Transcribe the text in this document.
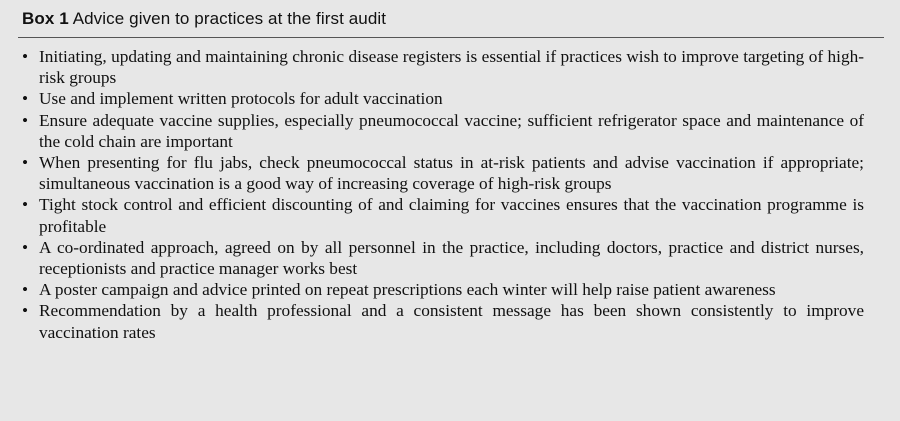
Box 1 Advice given to practices at the first audit
• Initiating, updating and maintaining chronic disease registers is essential if practices wish to improve targeting of high-risk groups
• Use and implement written protocols for adult vaccination
• Ensure adequate vaccine supplies, especially pneumococcal vaccine; sufficient refrigerator space and maintenance of the cold chain are important
• When presenting for flu jabs, check pneumococcal status in at-risk patients and advise vaccination if appropriate; simultaneous vaccination is a good way of increasing coverage of high-risk groups
• Tight stock control and efficient discounting of and claiming for vaccines ensures that the vaccination programme is profitable
• A co-ordinated approach, agreed on by all personnel in the practice, including doctors, practice and district nurses, receptionists and practice manager works best
• A poster campaign and advice printed on repeat prescriptions each winter will help raise patient awareness
• Recommendation by a health professional and a consistent message has been shown consistently to improve vaccination rates
